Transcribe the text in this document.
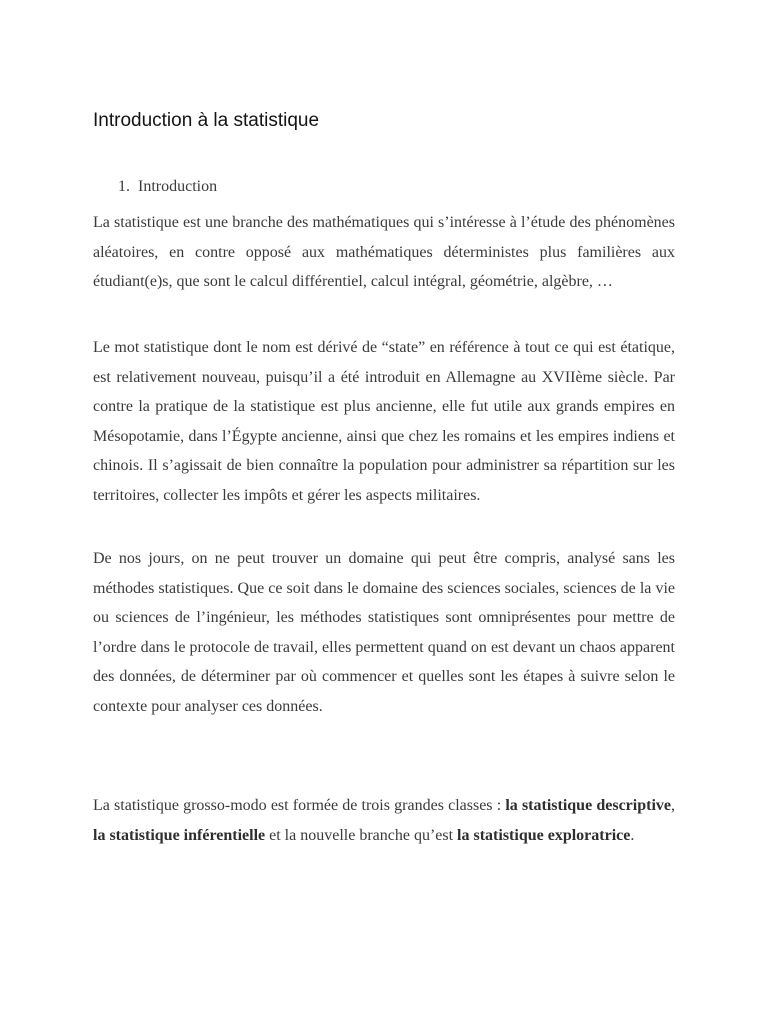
Introduction à la statistique
1. Introduction

La statistique est une branche des mathématiques qui s’intéresse à l’étude des phénomènes aléatoires, en contre opposé aux mathématiques déterministes plus familières aux étudiant(e)s, que sont le calcul différentiel, calcul intégral, géométrie, algèbre, …

Le mot statistique dont le nom est dérivé de “state” en référence à tout ce qui est étatique, est relativement nouveau, puisqu’il a été introduit en Allemagne au XVIIème siècle. Par contre la pratique de la statistique est plus ancienne, elle fut utile aux grands empires en Mésopotamie, dans l’Égypte ancienne, ainsi que chez les romains et les empires indiens et chinois. Il s’agissait de bien connaître la population pour administrer sa répartition sur les territoires, collecter les impôts et gérer les aspects militaires.

De nos jours, on ne peut trouver un domaine qui peut être compris, analysé sans les méthodes statistiques. Que ce soit dans le domaine des sciences sociales, sciences de la vie ou sciences de l’ingénieur, les méthodes statistiques sont omniprésentes pour mettre de l’ordre dans le protocole de travail, elles permettent quand on est devant un chaos apparent des données, de déterminer par où commencer et quelles sont les étapes à suivre selon le contexte pour analyser ces données.

La statistique grosso-modo est formée de trois grandes classes : la statistique descriptive, la statistique inférentielle et la nouvelle branche qu’est la statistique exploratrice.
